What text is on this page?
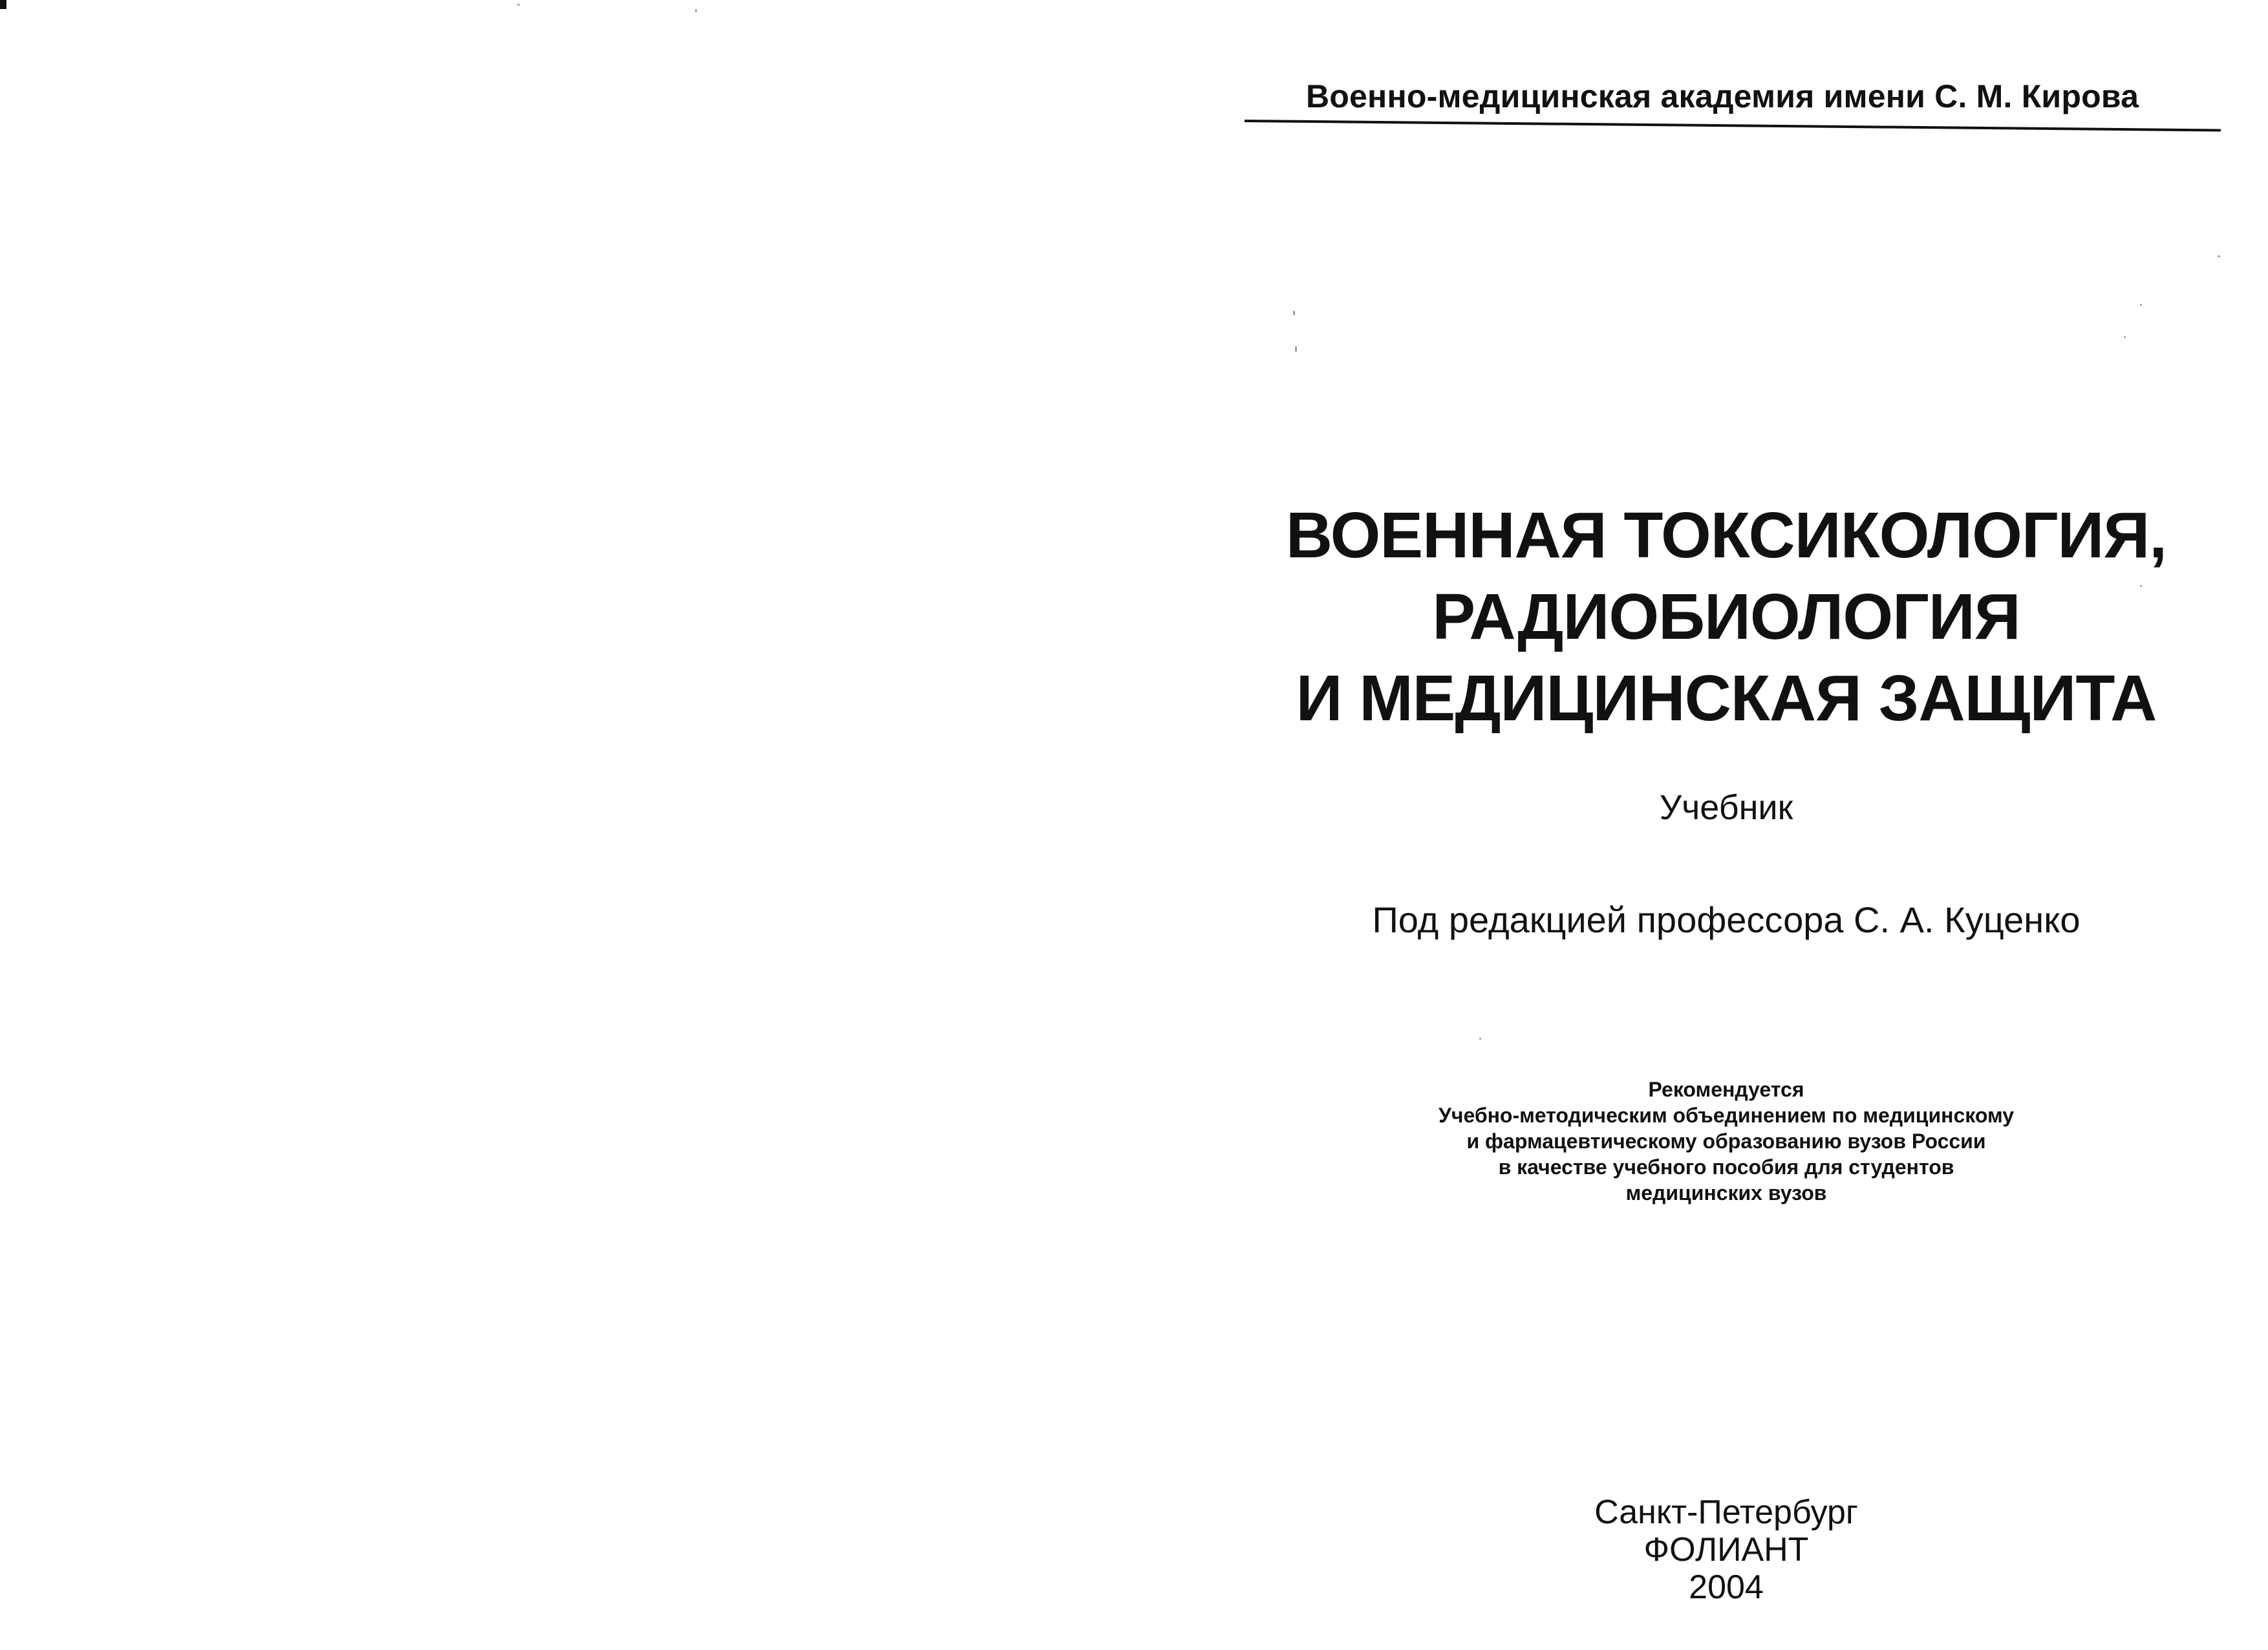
Военно-медицинская академия имени С. М. Кирова
ВОЕННАЯ ТОКСИКОЛОГИЯ,
РАДИОБИОЛОГИЯ
И МЕДИЦИНСКАЯ ЗАЩИТА
Учебник
Под редакцией профессора С. А. Куценко
Рекомендуется
Учебно-методическим объединением по медицинскому
и фармацевтическому образованию вузов России
в качестве учебного пособия для студентов
медицинских вузов
Санкт-Петербург
ФОЛИАНТ
2004
